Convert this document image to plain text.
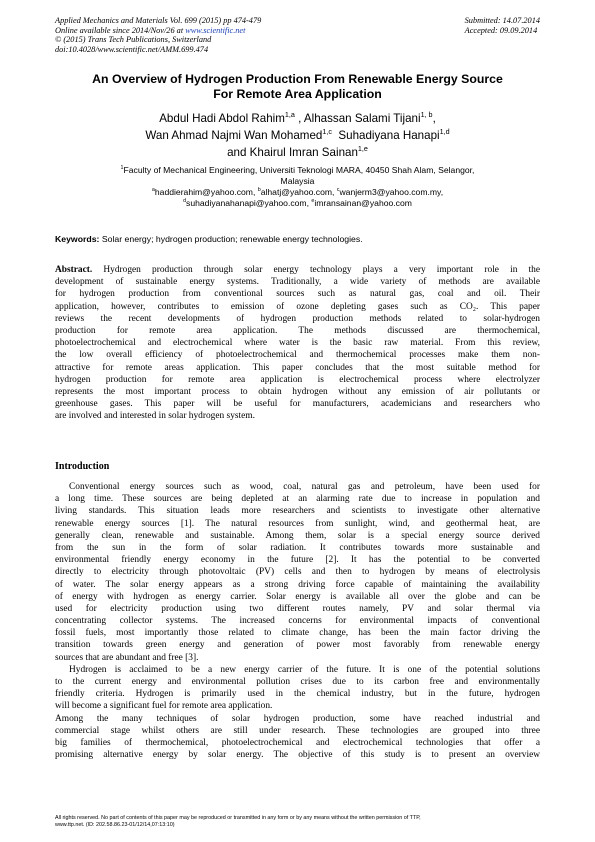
Applied Mechanics and Materials Vol. 699 (2015) pp 474-479
Online available since 2014/Nov/26 at www.scientific.net
© (2015) Trans Tech Publications, Switzerland
doi:10.4028/www.scientific.net/AMM.699.474
Submitted: 14.07.2014
Accepted: 09.09.2014
An Overview of Hydrogen Production From Renewable Energy Source
For Remote Area Application
Abdul Hadi Abdol Rahim$^{1,a}$ , Alhassan Salami Tijani$^{1, b}$,
Wan Ahmad Najmi Wan Mohamed$^{1,c}$  Suhadiyana Hanapi$^{1,d}$
and Khairul Imran Sainan$^{1,e}$
$^1$Faculty of Mechanical Engineering, Universiti Teknologi MARA, 40450 Shah Alam, Selangor,
Malaysia
$^a$haddierahim@yahoo.com, $^b$alhatj@yahoo.com, $^c$wanjerm3@yahoo.com.my,
$^d$suhadiyanahanapi@yahoo.com, $^e$imransainan@yahoo.com
Keywords: Solar energy; hydrogen production; renewable energy technologies.
Abstract. Hydrogen production through solar energy technology plays a very important role in the
development of sustainable energy systems. Traditionally, a wide variety of methods are available
for hydrogen production from conventional sources such as natural gas, coal and oil. Their
application, however, contributes to emission of ozone depleting gases such as CO₂. This paper
reviews the recent developments of hydrogen production methods related to solar-hydrogen
production for remote area application. The methods discussed are thermochemical,
photoelectrochemical and electrochemical where water is the basic raw material. From this review,
the low overall efficiency of photoelectrochemical and thermochemical processes make them non-
attractive for remote areas application. This paper concludes that the most suitable method for
hydrogen production for remote area application is electrochemical process where electrolyzer
represents the most important process to obtain hydrogen without any emission of air pollutants or
greenhouse gases. This paper will be useful for manufacturers, academicians and researchers who
are involved and interested in solar hydrogen system.
Introduction
Conventional energy sources such as wood, coal, natural gas and petroleum, have been used for
a long time. These sources are being depleted at an alarming rate due to increase in population and
living standards. This situation leads more researchers and scientists to investigate other alternative
renewable energy sources [1]. The natural resources from sunlight, wind, and geothermal heat, are
generally clean, renewable and sustainable. Among them, solar is a special energy source derived
from the sun in the form of solar radiation. It contributes towards more sustainable and
environmental friendly energy economy in the future [2]. It has the potential to be converted
directly to electricity through photovoltaic (PV) cells and then to hydrogen by means of electrolysis
of water. The solar energy appears as a strong driving force capable of maintaining the availability
of energy with hydrogen as energy carrier. Solar energy is available all over the globe and can be
used for electricity production using two different routes namely, PV and solar thermal via
concentrating collector systems. The increased concerns for environmental impacts of conventional
fossil fuels, most importantly those related to climate change, has been the main factor driving the
transition towards green energy and generation of power most favorably from renewable energy
sources that are abundant and free [3].
Hydrogen is acclaimed to be a new energy carrier of the future. It is one of the potential solutions
to the current energy and environmental pollution crises due to its carbon free and environmentally
friendly criteria. Hydrogen is primarily used in the chemical industry, but in the future, hydrogen
will become a significant fuel for remote area application.
Among the many techniques of solar hydrogen production, some have reached industrial and
commercial stage whilst others are still under research. These technologies are grouped into three
big families of thermochemical, photoelectrochemical and electrochemical technologies that offer a
promising alternative energy by solar energy. The objective of this study is to present an overview
All rights reserved. No part of contents of this paper may be reproduced or transmitted in any form or by any means without the written permission of TTP,
www.ttp.net. (ID: 202.58.86.23-01/12/14,07:13:10)
